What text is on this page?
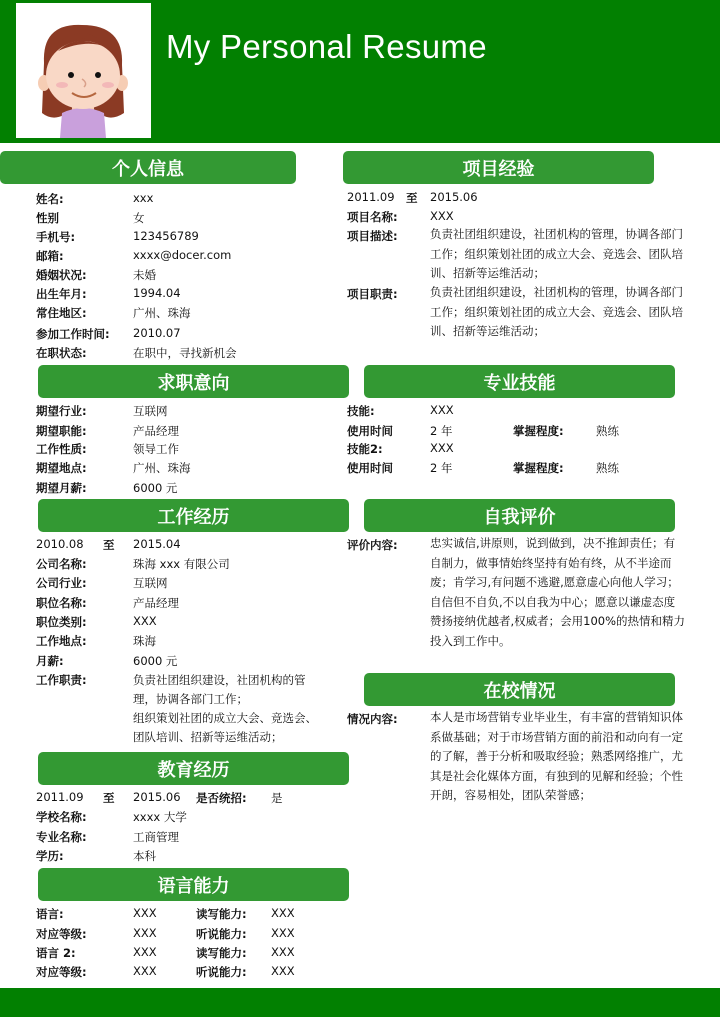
My Personal Resume
个人信息
姓名:	xxx
性别	女
手机号:	123456789
邮箱:	xxxx@docer.com
婚姻状况:	未婚
出生年月:	1994.04
常住地区:	广州、珠海
参加工作时间: 2010.07
在职状态:	在职中，寻找新机会
项目经验
2011.09 至 2015.06
项目名称:	XXX
项目描述:	负责社团组织建设，社团机构的管理，协调各部门工作；组织策划社团的成立大会、竞选会、团队培训、招新等运维活动；
项目职责:	负责社团组织建设，社团机构的管理，协调各部门工作；组织策划社团的成立大会、竞选会、团队培训、招新等运维活动；
求职意向
期望行业:	互联网
期望职能:	产品经理
工作性质:	领导工作
期望地点:	广州、珠海
期望月薪:	6000 元
专业技能
技能:	XXX
使用时间	2 年	掌握程度:	熟练
技能2:	XXX
使用时间	2 年	掌握程度:	熟练
工作经历
2010.08 至 2015.04
公司名称:	珠海 xxx 有限公司
公司行业:	互联网
职位名称:	产品经理
职位类别:	XXX
工作地点:	珠海
月薪:	6000 元
工作职责:	负责社团组织建设，社团机构的管
理，协调各部门工作；
组织策划社团的成立大会、竞选会、
团队培训、招新等运维活动；
自我评价
评价内容:	忠实诚信,讲原则，说到做到，决不推卸责任；有自制力，做事情始终坚持有始有终，从不半途而废；肯学习,有问题不逃避,愿意虚心向他人学习；自信但不自负,不以自我为中心；愿意以谦虚态度赞扬接纳优越者,权威者；会用100%的热情和精力投入到工作中。
在校情况
情况内容:	本人是市场营销专业毕业生，有丰富的营销知识体系做基础；对于市场营销方面的前沿和动向有一定的了解，善于分析和吸取经验；熟悉网络推广，尤其是社会化媒体方面，有独到的见解和经验；个性开朗，容易相处，团队荣誉感；
教育经历
2011.09 至 2015.06 是否统招: 是
学校名称:	xxxx 大学
专业名称:	工商管理
学历:	本科
语言能力
语言:	XXX	读写能力: XXX
对应等级:	XXX	听说能力: XXX
语言 2:	XXX	读写能力: XXX
对应等级:	XXX	听说能力: XXX
